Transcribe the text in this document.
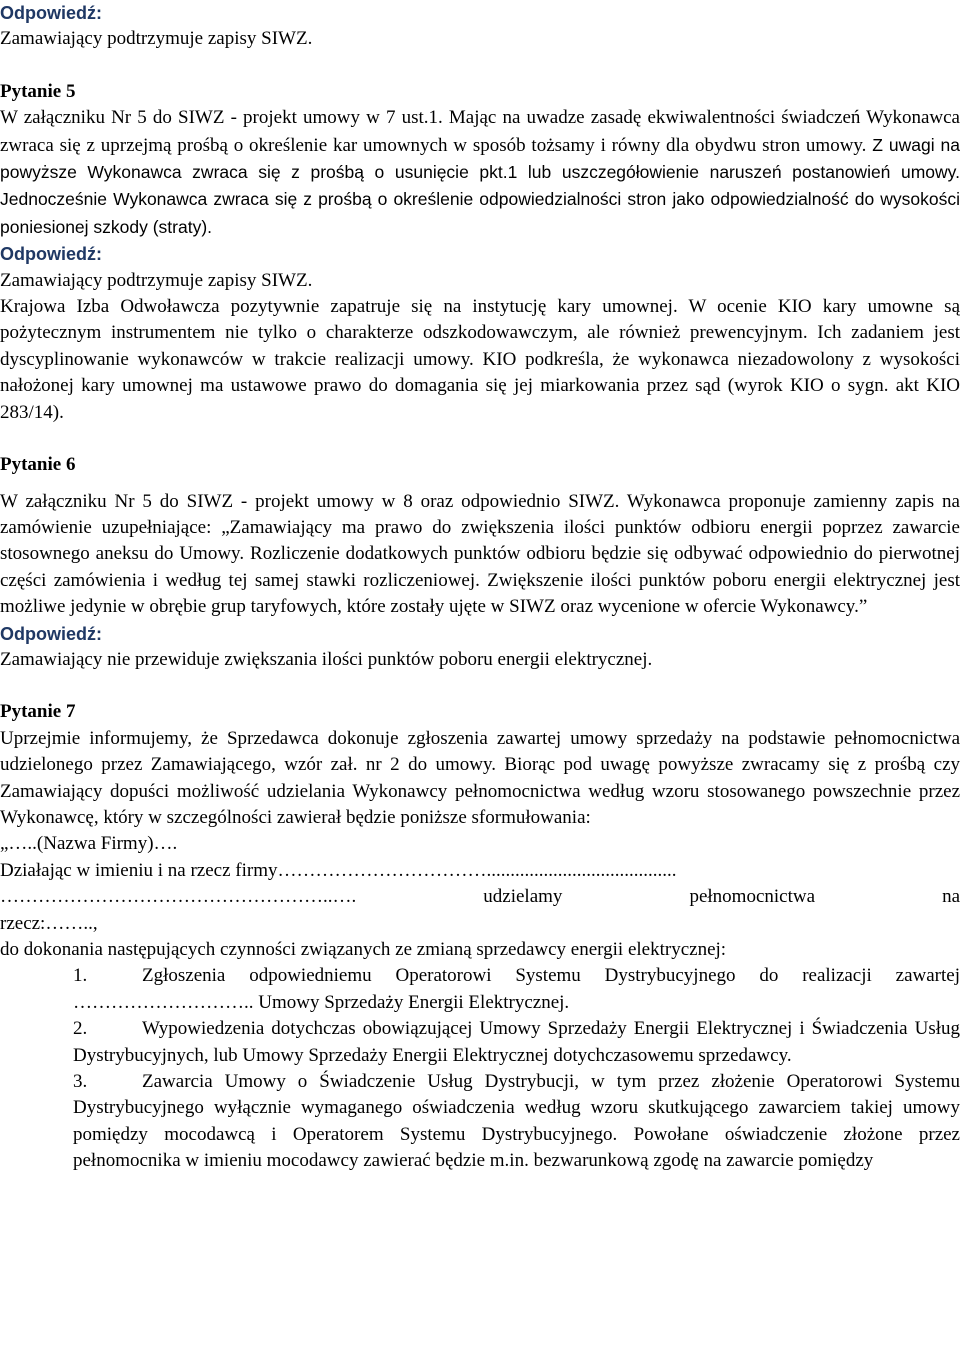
Odpowiedź:

Zamawiający podtrzymuje zapisy SIWZ.

Pytanie 5

W załączniku Nr 5 do SIWZ - projekt umowy w 7 ust.1. Mając na uwadze zasadę ekwiwalentności świadczeń Wykonawca zwraca się z uprzejmą prośbą o określenie kar umownych w sposób tożsamy i równy dla obydwu stron umowy. Z uwagi na powyższe Wykonawca zwraca się z prośbą o usunięcie pkt.1 lub uszczegółowienie naruszeń postanowień umowy. Jednocześnie Wykonawca zwraca się z prośbą o określenie odpowiedzialności stron jako odpowiedzialność do wysokości poniesionej szkody (straty).

Odpowiedź:

Zamawiający podtrzymuje zapisy SIWZ.

Krajowa Izba Odwoławcza pozytywnie zapatruje się na instytucję kary umownej. W ocenie KIO kary umowne są pożytecznym instrumentem nie tylko o charakterze odszkodowawczym, ale również prewencyjnym. Ich zadaniem jest dyscyplinowanie wykonawców w trakcie realizacji umowy. KIO podkreśla, że wykonawca niezadowolony z wysokości nałożonej kary umownej ma ustawowe prawo do domagania się jej miarkowania przez sąd (wyrok KIO o sygn. akt KIO 283/14).

Pytanie 6

W załączniku Nr 5 do SIWZ - projekt umowy w 8 oraz odpowiednio SIWZ. Wykonawca proponuje zamienny zapis na zamówienie uzupełniające: „Zamawiający ma prawo do zwiększenia ilości punktów odbioru energii poprzez zawarcie stosownego aneksu do Umowy. Rozliczenie dodatkowych punktów odbioru będzie się odbywać odpowiednio do pierwotnej części zamówienia i według tej samej stawki rozliczeniowej. Zwiększenie ilości punktów poboru energii elektrycznej jest możliwe jedynie w obrębie grup taryfowych, które zostały ujęte w SIWZ oraz wycenione w ofercie Wykonawcy.”

Odpowiedź:

Zamawiający nie przewiduje zwiększania ilości punktów poboru energii elektrycznej.

Pytanie 7

Uprzejmie informujemy, że Sprzedawca dokonuje zgłoszenia zawartej umowy sprzedaży na podstawie pełnomocnictwa udzielonego przez Zamawiającego, wzór zał. nr 2 do umowy. Biorąc pod uwagę powyższe zwracamy się z prośbą czy Zamawiający dopuści możliwość udzielania Wykonawcy pełnomocnictwa według wzoru stosowanego powszechnie przez Wykonawcę, który w szczególności zawierał będzie poniższe sformułowania:

„…..(Nazwa Firmy)….

Działając w imieniu i na rzecz firmy……………………………........................................

……………………………………………..….	udzielamy	pełnomocnictwa	na

rzecz:……..,

do dokonania następujących czynności związanych ze zmianą sprzedawcy energii elektrycznej:

1.	Zgłoszenia odpowiedniemu Operatorowi Systemu Dystrybucyjnego do realizacji zawartej ……………………….. Umowy Sprzedaży Energii Elektrycznej.
2.	Wypowiedzenia dotychczas obowiązującej Umowy Sprzedaży Energii Elektrycznej i Świadczenia Usług Dystrybucyjnych, lub Umowy Sprzedaży Energii Elektrycznej dotychczasowemu sprzedawcy.
3.	Zawarcia Umowy o Świadczenie Usług Dystrybucji, w tym przez złożenie Operatorowi Systemu Dystrybucyjnego wyłącznie wymaganego oświadczenia według wzoru skutkującego zawarciem takiej umowy pomiędzy mocodawcą i Operatorem Systemu Dystrybucyjnego. Powołane oświadczenie złożone przez pełnomocnika w imieniu mocodawcy zawierać będzie m.in. bezwarunkową zgodę na zawarcie pomiędzy
